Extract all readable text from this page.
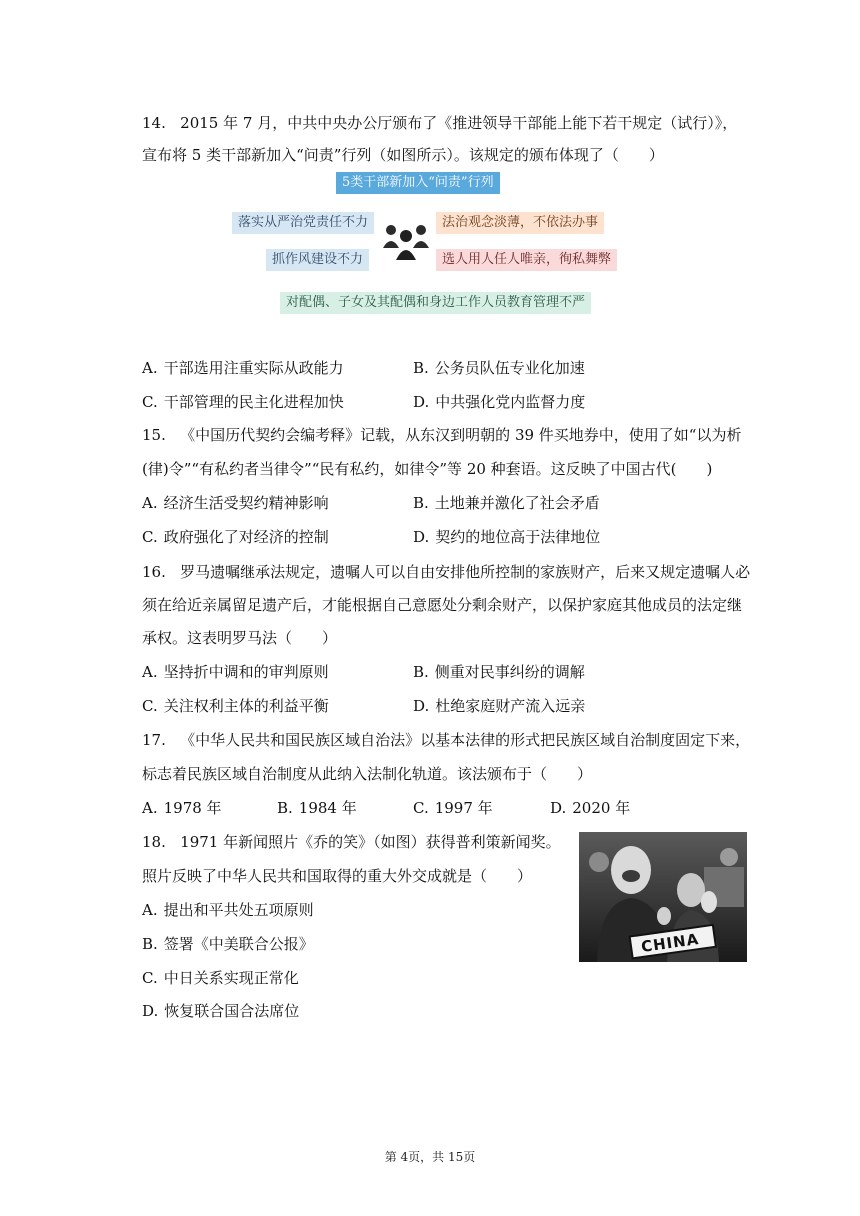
14. 2015 年 7 月，中共中央办公厅颁布了《推进领导干部能上能下若干规定（试行）》，
宣布将 5 类干部新加入“问责”行列（如图所示）。该规定的颁布体现了（　　）
5类干部新加入“问责”行列
落实从严治党责任不力
抓作风建设不力
法治观念淡薄，不依法办事
选人用人任人唯亲，徇私舞弊
对配偶、子女及其配偶和身边工作人员教育管理不严
A. 干部选用注重实际从政能力	B. 公务员队伍专业化加速
C. 干部管理的民主化进程加快	D. 中共强化党内监督力度
15. 《中国历代契约会编考释》记载，从东汉到明朝的 39 件买地券中，使用了如“以为析
(律)令”“有私约者当律令”“民有私约，如律令”等 20 种套语。这反映了中国古代(　　)
A. 经济生活受契约精神影响	B. 土地兼并激化了社会矛盾
C. 政府强化了对经济的控制	D. 契约的地位高于法律地位
16. 罗马遗嘱继承法规定，遗嘱人可以自由安排他所控制的家族财产，后来又规定遗嘱人必
须在给近亲属留足遗产后，才能根据自己意愿处分剩余财产，以保护家庭其他成员的法定继
承权。这表明罗马法（　　）
A. 坚持折中调和的审判原则	B. 侧重对民事纠纷的调解
C. 关注权利主体的利益平衡	D. 杜绝家庭财产流入远亲
17. 《中华人民共和国民族区域自治法》以基本法律的形式把民族区域自治制度固定下来，
标志着民族区域自治制度从此纳入法制化轨道。该法颁布于（　　）
A. 1978 年	B. 1984 年	C. 1997 年	D. 2020 年
18. 1971 年新闻照片《乔的笑》（如图）获得普利策新闻奖。
照片反映了中华人民共和国取得的重大外交成就是（　　）
A. 提出和平共处五项原则
B. 签署《中美联合公报》
C. 中日关系实现正常化
D. 恢复联合国合法席位
CHINA
第 4页，共 15页
